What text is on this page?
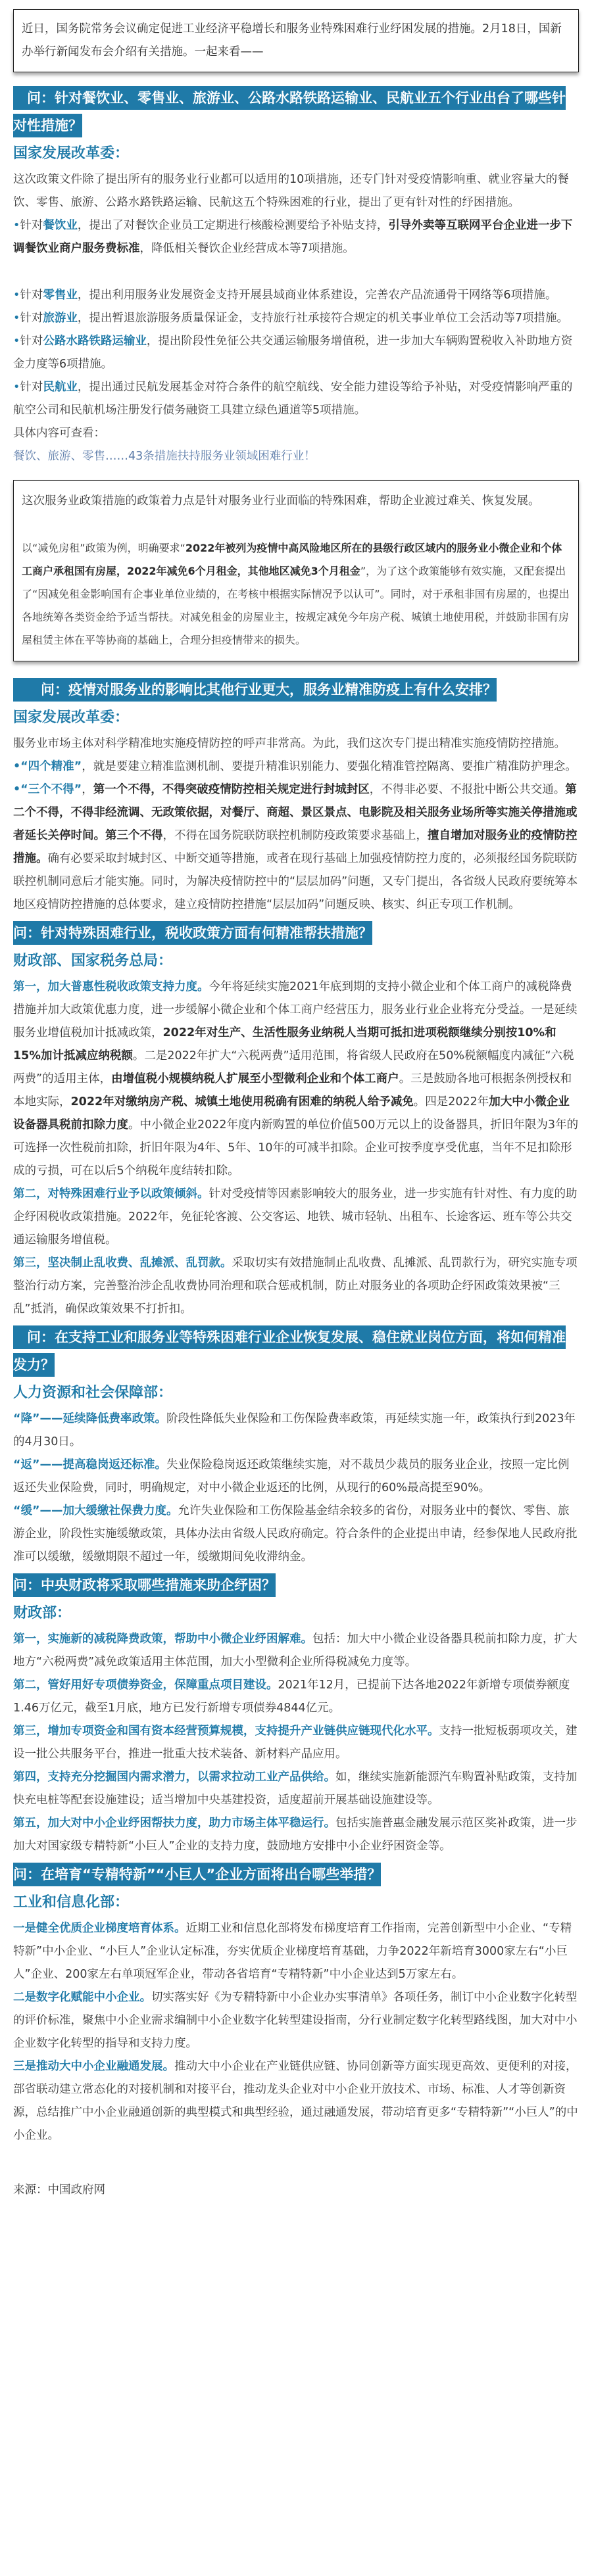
近日，国务院常务会议确定促进工业经济平稳增长和服务业特殊困难行业纾困发展的措施。2月18日，国新办举行新闻发布会介绍有关措施。一起来看——
　问：针对餐饮业、零售业、旅游业、公路水路铁路运输业、民航业五个行业出台了哪些针对性措施？
国家发展改革委：

这次政策文件除了提出所有的服务业行业都可以适用的10项措施，还专门针对受疫情影响重、就业容量大的餐饮、零售、旅游、公路水路铁路运输、民航这五个特殊困难的行业，提出了更有针对性的纾困措施。

•针对餐饮业，提出了对餐饮企业员工定期进行核酸检测要给予补贴支持，引导外卖等互联网平台企业进一步下调餐饮业商户服务费标准，降低相关餐饮企业经营成本等7项措施。

•针对零售业，提出利用服务业发展资金支持开展县域商业体系建设，完善农产品流通骨干网络等6项措施。

•针对旅游业，提出暂退旅游服务质量保证金，支持旅行社承接符合规定的机关事业单位工会活动等7项措施。

•针对公路水路铁路运输业，提出阶段性免征公共交通运输服务增值税，进一步加大车辆购置税收入补助地方资金力度等6项措施。

•针对民航业，提出通过民航发展基金对符合条件的航空航线、安全能力建设等给予补贴，对受疫情影响严重的航空公司和民航机场注册发行债务融资工具建立绿色通道等5项措施。

具体内容可查看：
餐饮、旅游、零售……43条措施扶持服务业领域困难行业！

这次服务业政策措施的政策着力点是针对服务业行业面临的特殊困难，帮助企业渡过难关、恢复发展。

以“减免房租”政策为例，明确要求“2022年被列为疫情中高风险地区所在的县级行政区域内的服务业小微企业和个体工商户承租国有房屋，2022年减免6个月租金，其他地区减免3个月租金”，为了这个政策能够有效实施，又配套提出了“因减免租金影响国有企事业单位业绩的，在考核中根据实际情况予以认可”。同时，对于承租非国有房屋的，也提出各地统筹各类资金给予适当帮扶。对减免租金的房屋业主，按规定减免今年房产税、城镇土地使用税，并鼓励非国有房屋租赁主体在平等协商的基础上，合理分担疫情带来的损失。

　　问：疫情对服务业的影响比其他行业更大，服务业精准防疫上有什么安排？
国家发展改革委：

服务业市场主体对科学精准地实施疫情防控的呼声非常高。为此，我们这次专门提出精准实施疫情防控措施。

•“四个精准”，就是要建立精准监测机制、要提升精准识别能力、要强化精准管控隔离、要推广精准防护理念。

•“三个不得”，第一个不得，不得突破疫情防控相关规定进行封城封区，不得非必要、不报批中断公共交通。第二个不得，不得非经流调、无政策依据，对餐厅、商超、景区景点、电影院及相关服务业场所等实施关停措施或者延长关停时间。第三个不得，不得在国务院联防联控机制防疫政策要求基础上，擅自增加对服务业的疫情防控措施。确有必要采取封城封区、中断交通等措施，或者在现行基础上加强疫情防控力度的，必须报经国务院联防联控机制同意后才能实施。同时，为解决疫情防控中的“层层加码”问题，又专门提出，各省级人民政府要统筹本地区疫情防控措施的总体要求，建立疫情防控措施“层层加码”问题反映、核实、纠正专项工作机制。

问：针对特殊困难行业，税收政策方面有何精准帮扶措施？
财政部、国家税务总局：

第一，加大普惠性税收政策支持力度。今年将延续实施2021年底到期的支持小微企业和个体工商户的减税降费措施并加大政策优惠力度，进一步缓解小微企业和个体工商户经营压力，服务业行业企业将充分受益。一是延续服务业增值税加计抵减政策，2022年对生产、生活性服务业纳税人当期可抵扣进项税额继续分别按10%和15%加计抵减应纳税额。二是2022年扩大“六税两费”适用范围，将省级人民政府在50%税额幅度内减征“六税两费”的适用主体，由增值税小规模纳税人扩展至小型微利企业和个体工商户。三是鼓励各地可根据条例授权和本地实际，2022年对缴纳房产税、城镇土地使用税确有困难的纳税人给予减免。四是2022年加大中小微企业设备器具税前扣除力度。中小微企业2022年度内新购置的单位价值500万元以上的设备器具，折旧年限为3年的可选择一次性税前扣除，折旧年限为4年、5年、10年的可减半扣除。企业可按季度享受优惠，当年不足扣除形成的亏损，可在以后5个纳税年度结转扣除。

第二，对特殊困难行业予以政策倾斜。针对受疫情等因素影响较大的服务业，进一步实施有针对性、有力度的助企纾困税收政策措施。2022年，免征轮客渡、公交客运、地铁、城市轻轨、出租车、长途客运、班车等公共交通运输服务增值税。

第三，坚决制止乱收费、乱摊派、乱罚款。采取切实有效措施制止乱收费、乱摊派、乱罚款行为，研究实施专项整治行动方案，完善整治涉企乱收费协同治理和联合惩戒机制，防止对服务业的各项助企纾困政策效果被“三乱”抵消，确保政策效果不打折扣。

　问：在支持工业和服务业等特殊困难行业企业恢复发展、稳住就业岗位方面，将如何精准发力？
人力资源和社会保障部：

“降”——延续降低费率政策。阶段性降低失业保险和工伤保险费率政策，再延续实施一年，政策执行到2023年的4月30日。

“返”——提高稳岗返还标准。失业保险稳岗返还政策继续实施，对不裁员少裁员的服务业企业，按照一定比例返还失业保险费，同时，明确规定，对中小微企业返还的比例，从现行的60%最高提至90%。

“缓”——加大缓缴社保费力度。允许失业保险和工伤保险基金结余较多的省份，对服务业中的餐饮、零售、旅游企业，阶段性实施缓缴政策，具体办法由省级人民政府确定。符合条件的企业提出申请，经参保地人民政府批准可以缓缴，缓缴期限不超过一年，缓缴期间免收滞纳金。

问：中央财政将采取哪些措施来助企纾困？
财政部：

第一，实施新的减税降费政策，帮助中小微企业纾困解难。包括：加大中小微企业设备器具税前扣除力度，扩大地方“六税两费”减免政策适用主体范围，加大小型微利企业所得税减免力度等。

第二，管好用好专项债券资金，保障重点项目建设。2021年12月，已提前下达各地2022年新增专项债券额度1.46万亿元，截至1月底，地方已发行新增专项债券4844亿元。

第三，增加专项资金和国有资本经营预算规模，支持提升产业链供应链现代化水平。支持一批短板弱项攻关，建设一批公共服务平台，推进一批重大技术装备、新材料产品应用。

第四，支持充分挖掘国内需求潜力，以需求拉动工业产品供给。如，继续实施新能源汽车购置补贴政策，支持加快充电桩等配套设施建设；适当增加中央基建投资，适度超前开展基础设施建设等。

第五，加大对中小企业纾困帮扶力度，助力市场主体平稳运行。包括实施普惠金融发展示范区奖补政策，进一步加大对国家级专精特新“小巨人”企业的支持力度，鼓励地方安排中小企业纾困资金等。

问：在培育“专精特新”“小巨人”企业方面将出台哪些举措？
工业和信息化部：

一是健全优质企业梯度培育体系。近期工业和信息化部将发布梯度培育工作指南，完善创新型中小企业、“专精特新”中小企业、“小巨人”企业认定标准，夯实优质企业梯度培育基础，力争2022年新培育3000家左右“小巨人”企业、200家左右单项冠军企业，带动各省培育“专精特新”中小企业达到5万家左右。

二是数字化赋能中小企业。切实落实好《为专精特新中小企业办实事清单》各项任务，制订中小企业数字化转型的评价标准，聚焦中小企业需求编制中小企业数字化转型建设指南，分行业制定数字化转型路线图，加大对中小企业数字化转型的指导和支持力度。

三是推动大中小企业融通发展。推动大中小企业在产业链供应链、协同创新等方面实现更高效、更便利的对接，部省联动建立常态化的对接机制和对接平台，推动龙头企业对中小企业开放技术、市场、标准、人才等创新资源，总结推广中小企业融通创新的典型模式和典型经验，通过融通发展，带动培育更多“专精特新”“小巨人”的中小企业。

来源：中国政府网
